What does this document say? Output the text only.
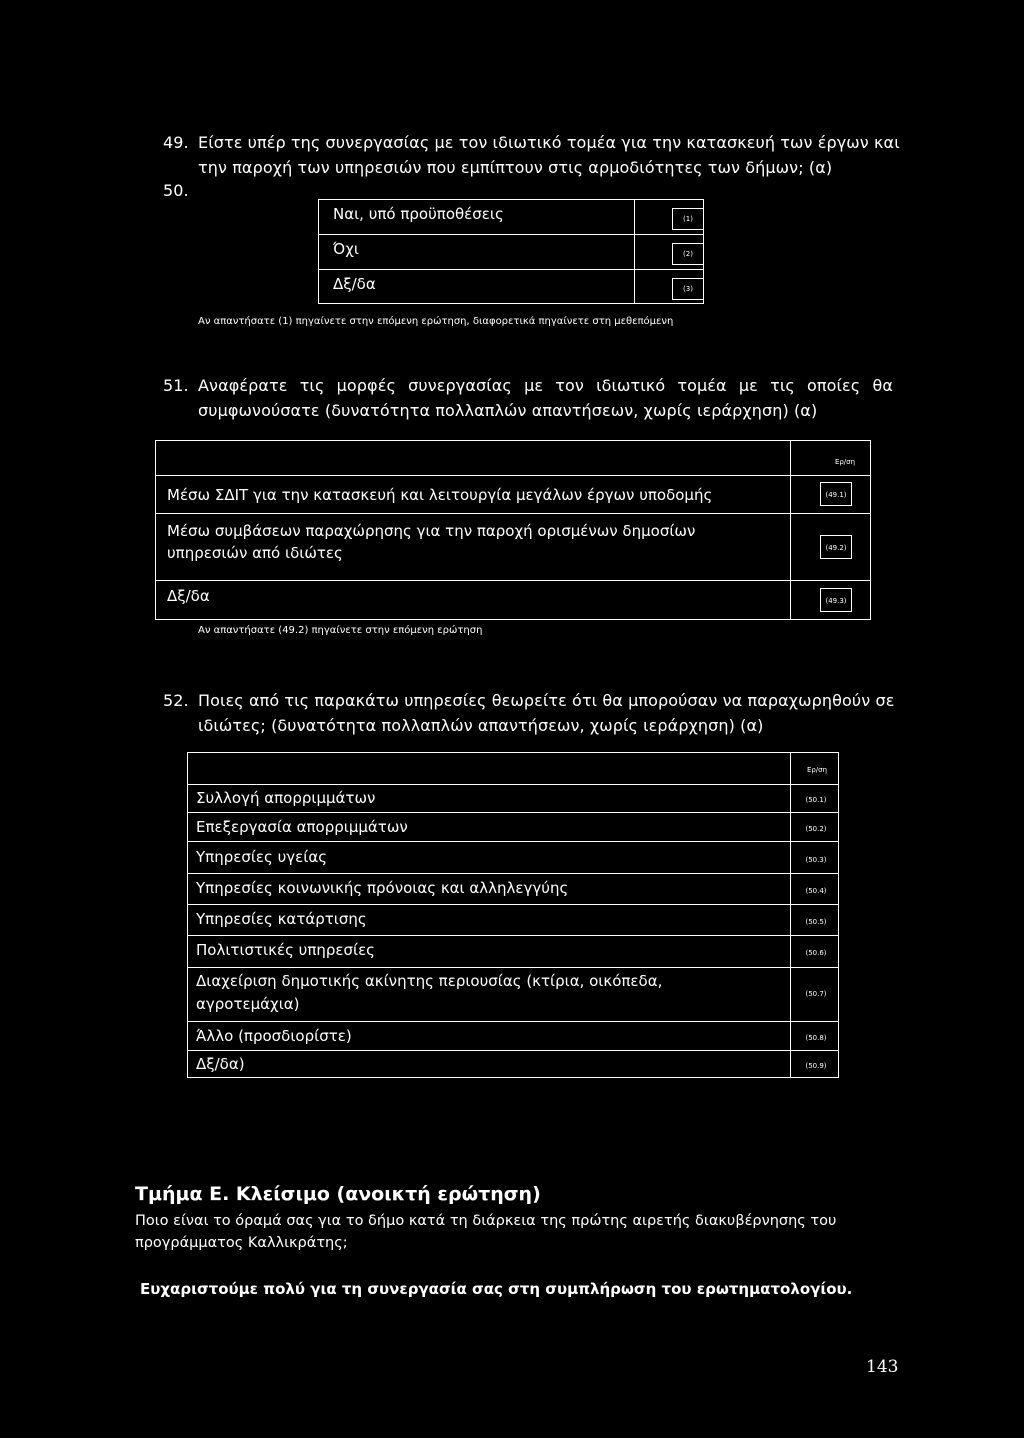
49. Είστε υπέρ της συνεργασίας με τον ιδιωτικό τομέα για την κατασκευή των έργων και
την παροχή των υπηρεσιών που εμπίπτουν στις αρμοδιότητες των δήμων; (α)
50.
Ναι, υπό προϋποθέσεις	(1)
Όχι	(2)
Δξ/δα	(3)
Αν απαντήσατε (1) πηγαίνετε στην επόμενη ερώτηση, διαφορετικά πηγαίνετε στη μεθεπόμενη
51. Αναφέρατε τις μορφές συνεργασίας με τον ιδιωτικό τομέα με τις οποίες θα
συμφωνούσατε (δυνατότητα πολλαπλών απαντήσεων, χωρίς ιεράρχηση) (α)
Ερ/ση
Μέσω ΣΔΙΤ για την κατασκευή και λειτουργία μεγάλων έργων υποδομής	(49.1)
Μέσω συμβάσεων παραχώρησης για την παροχή ορισμένων δημοσίων
υπηρεσιών από ιδιώτες	(49.2)
Δξ/δα	(49.3)
Αν απαντήσατε (49.2) πηγαίνετε στην επόμενη ερώτηση
52. Ποιες από τις παρακάτω υπηρεσίες θεωρείτε ότι θα μπορούσαν να παραχωρηθούν σε
ιδιώτες; (δυνατότητα πολλαπλών απαντήσεων, χωρίς ιεράρχηση) (α)
Ερ/ση
Συλλογή απορριμμάτων	(50.1)
Επεξεργασία απορριμμάτων	(50.2)
Υπηρεσίες υγείας	(50.3)
Υπηρεσίες κοινωνικής πρόνοιας και αλληλεγγύης	(50.4)
Υπηρεσίες κατάρτισης	(50.5)
Πολιτιστικές υπηρεσίες	(50.6)
Διαχείριση δημοτικής ακίνητης περιουσίας (κτίρια, οικόπεδα,
αγροτεμάχια)
(50.7)
Άλλο (προσδιορίστε)	(50.8)
Δξ/δα)	(50.9)
Τμήμα Ε. Κλείσιμο (ανοικτή ερώτηση)
Ποιο είναι το όραμά σας για το δήμο κατά τη διάρκεια της πρώτης αιρετής διακυβέρνησης του
προγράμματος Καλλικράτης;
Ευχαριστούμε πολύ για τη συνεργασία σας στη συμπλήρωση του ερωτηματολογίου.
143
